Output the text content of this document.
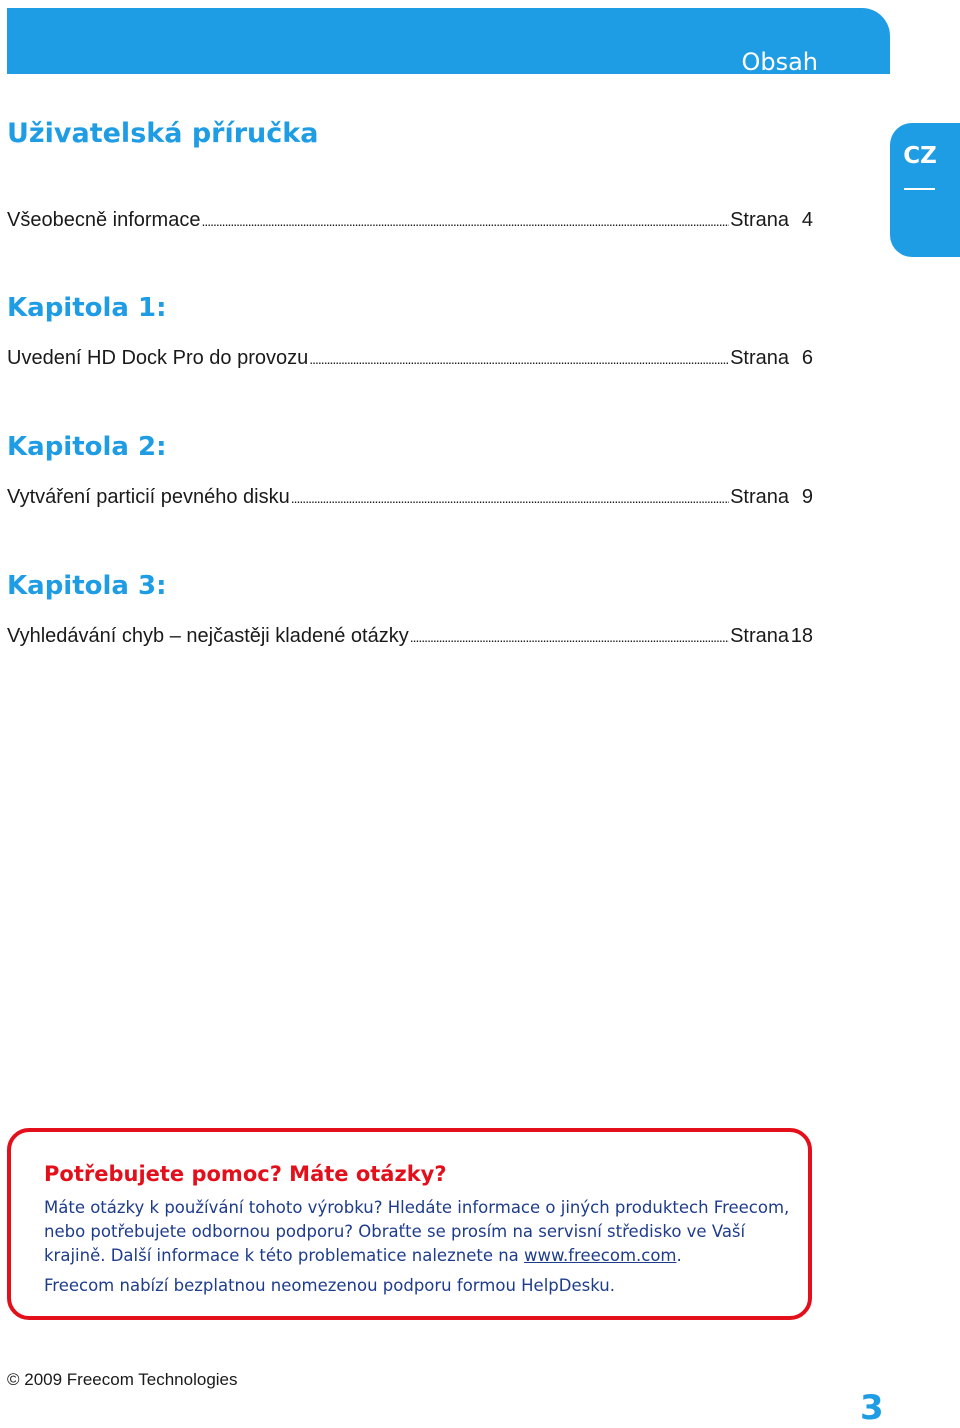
Obsah
CZ
Uživatelská příručka
Všeobecně informace .....	Strana 4
Kapitola 1:
Uvedení HD Dock Pro do provozu .....	Strana 6
Kapitola 2:
Vytváření particií pevného disku .....	Strana 9
Kapitola 3:
Vyhledávání chyb – nejčastěji kladené otázky .....	Strana18
Potřebujete pomoc? Máte otázky?

Máte otázky k používání tohoto výrobku? Hledáte informace o jiných produktech Freecom, nebo potřebujete odbornou podporu? Obraťte se prosím na servisní středisko ve Vaší krajině. Další informace k této problematice naleznete na www.freecom.com.

Freecom nabízí bezplatnou neomezenou podporu formou HelpDesku.

© 2009 Freecom Technologies
3
